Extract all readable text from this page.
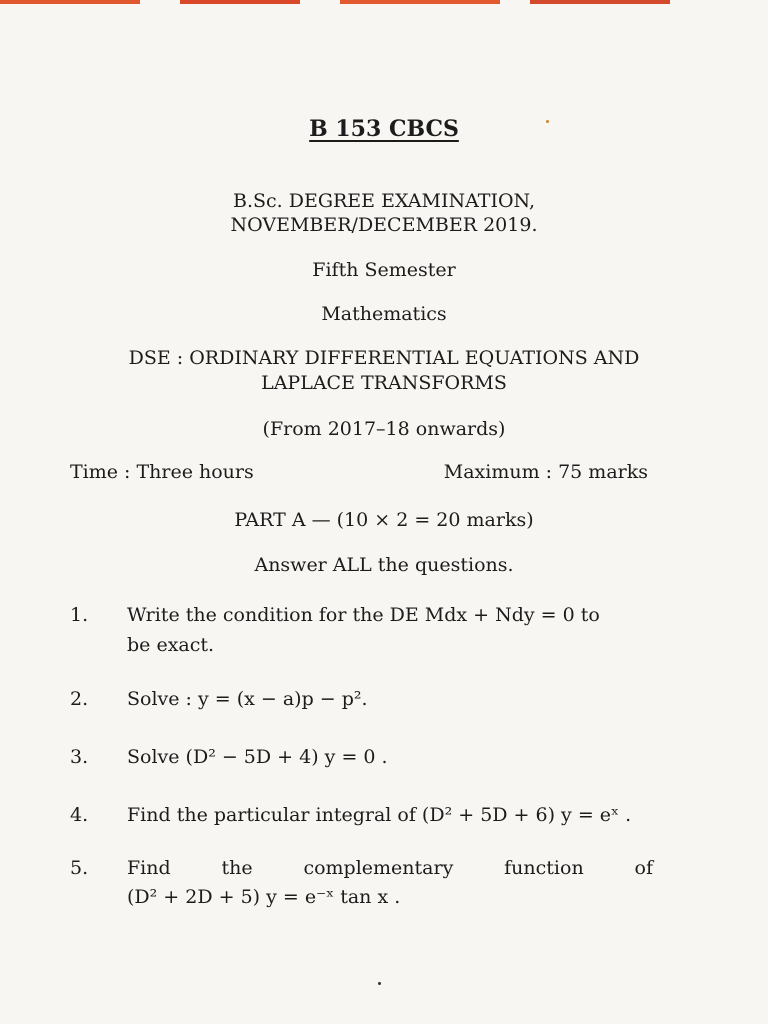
B 153 CBCS
B.Sc. DEGREE EXAMINATION,
NOVEMBER/DECEMBER 2019.
Fifth Semester
Mathematics
DSE : ORDINARY DIFFERENTIAL EQUATIONS AND
LAPLACE TRANSFORMS
(From 2017–18 onwards)
Time : Three hours	Maximum : 75 marks
PART A — (10 × 2 = 20 marks)
Answer ALL the questions.
1. Write the condition for the DE Mdx + Ndy = 0 to
be exact.
2. Solve : y = (x − a)p − p².
3. Solve (D² − 5D + 4) y = 0 .
4. Find the particular integral of (D² + 5D + 6) y = eˣ .
5. Find	the	complementary	function	of
(D² + 2D + 5) y = e⁻ˣ tan x .
